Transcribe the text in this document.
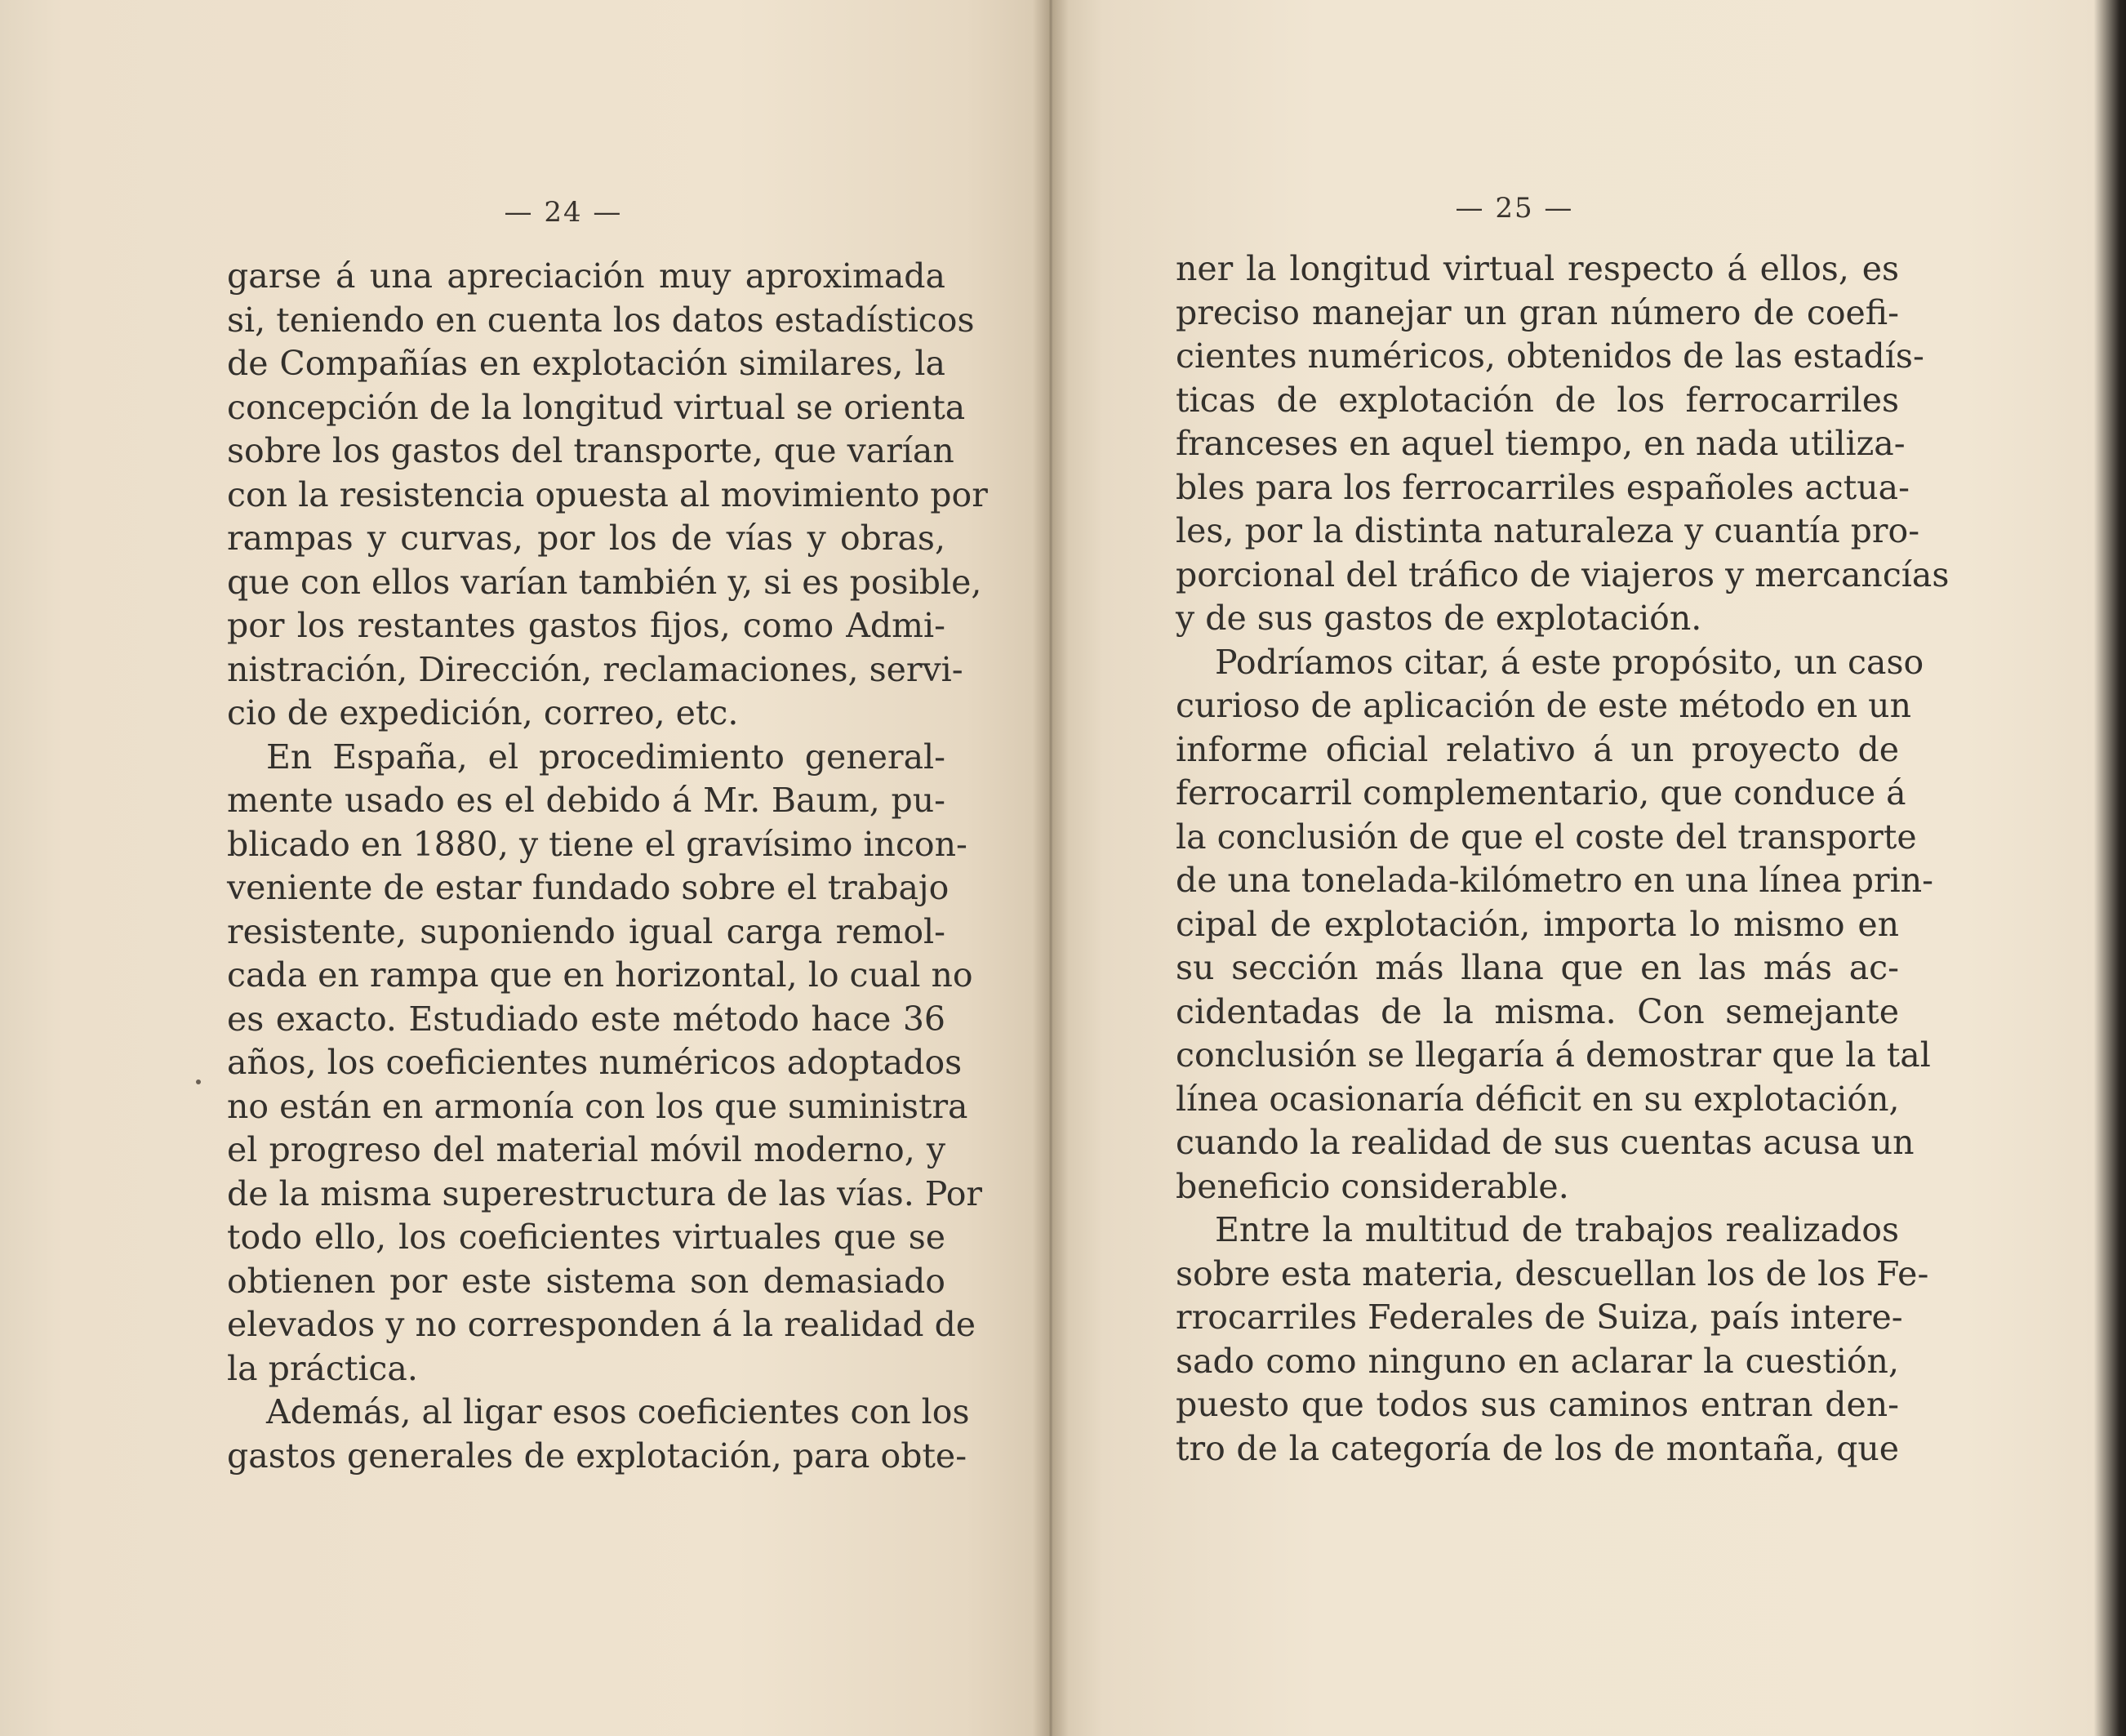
— 24 —
garse á una apreciación muy aproximada
si, teniendo en cuenta los datos estadísticos
de Compañías en explotación similares, la
concepción de la longitud virtual se orienta
sobre los gastos del transporte, que varían
con la resistencia opuesta al movimiento por
rampas y curvas, por los de vías y obras,
que con ellos varían también y, si es posible,
por los restantes gastos fijos, como Admi-
nistración, Dirección, reclamaciones, servi-
cio de expedición, correo, etc.
En España, el procedimiento general-
mente usado es el debido á Mr. Baum, pu-
blicado en 1880, y tiene el gravísimo incon-
veniente de estar fundado sobre el trabajo
resistente, suponiendo igual carga remol-
cada en rampa que en horizontal, lo cual no
es exacto. Estudiado este método hace 36
años, los coeficientes numéricos adoptados
no están en armonía con los que suministra
el progreso del material móvil moderno, y
de la misma superestructura de las vías. Por
todo ello, los coeficientes virtuales que se
obtienen por este sistema son demasiado
elevados y no corresponden á la realidad de
la práctica.
Además, al ligar esos coeficientes con los
gastos generales de explotación, para obte-
— 25 —
ner la longitud virtual respecto á ellos, es
preciso manejar un gran número de coefi-
cientes numéricos, obtenidos de las estadís-
ticas de explotación de los ferrocarriles
franceses en aquel tiempo, en nada utiliza-
bles para los ferrocarriles españoles actua-
les, por la distinta naturaleza y cuantía pro-
porcional del tráfico de viajeros y mercancías
y de sus gastos de explotación.
Podríamos citar, á este propósito, un caso
curioso de aplicación de este método en un
informe oficial relativo á un proyecto de
ferrocarril complementario, que conduce á
la conclusión de que el coste del transporte
de una tonelada-kilómetro en una línea prin-
cipal de explotación, importa lo mismo en
su sección más llana que en las más ac-
cidentadas de la misma. Con semejante
conclusión se llegaría á demostrar que la tal
línea ocasionaría déficit en su explotación,
cuando la realidad de sus cuentas acusa un
beneficio considerable.
Entre la multitud de trabajos realizados
sobre esta materia, descuellan los de los Fe-
rrocarriles Federales de Suiza, país intere-
sado como ninguno en aclarar la cuestión,
puesto que todos sus caminos entran den-
tro de la categoría de los de montaña, que
